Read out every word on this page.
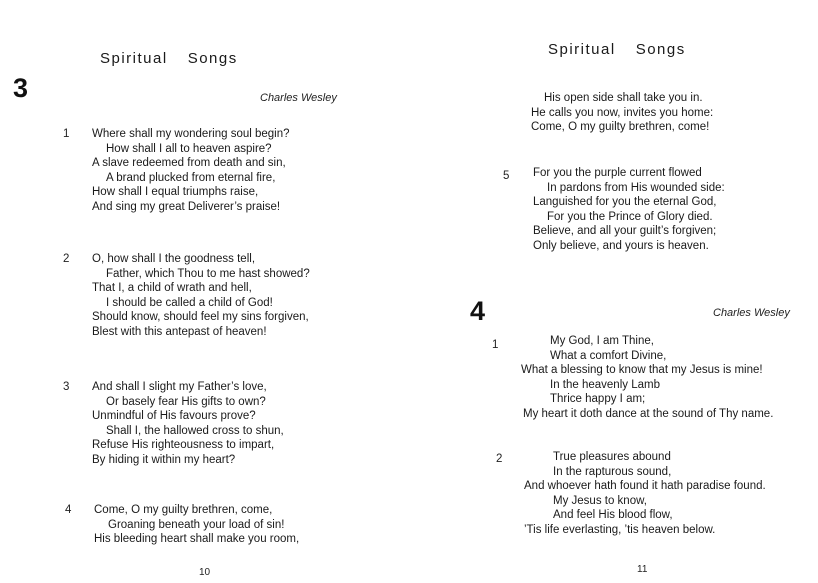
Spiritual Songs
3	Charles Wesley
1 Where shall my wondering soul begin?
How shall I all to heaven aspire?
A slave redeemed from death and sin,
A brand plucked from eternal fire,
How shall I equal triumphs raise,
And sing my great Deliverer’s praise!
2 O, how shall I the goodness tell,
Father, which Thou to me hast showed?
That I, a child of wrath and hell,
I should be called a child of God!
Should know, should feel my sins forgiven,
Blest with this antepast of heaven!
3 And shall I slight my Father’s love,
Or basely fear His gifts to own?
Unmindful of His favours prove?
Shall I, the hallowed cross to shun,
Refuse His righteousness to impart,
By hiding it within my heart?
4 Come, O my guilty brethren, come,
Groaning beneath your load of sin!
His bleeding heart shall make you room,
10
Spiritual Songs
His open side shall take you in.
He calls you now, invites you home:
Come, O my guilty brethren, come!
5 For you the purple current flowed
In pardons from His wounded side:
Languished for you the eternal God,
For you the Prince of Glory died.
Believe, and all your guilt’s forgiven;
Only believe, and yours is heaven.
4	Charles Wesley
1	My God, I am Thine,
What a comfort Divine,
What a blessing to know that my Jesus is mine!
In the heavenly Lamb
Thrice happy I am;
My heart it doth dance at the sound of Thy name.
2	True pleasures abound
In the rapturous sound,
And whoever hath found it hath paradise found.
My Jesus to know,
And feel His blood flow,
’Tis life everlasting, ’tis heaven below.
11
